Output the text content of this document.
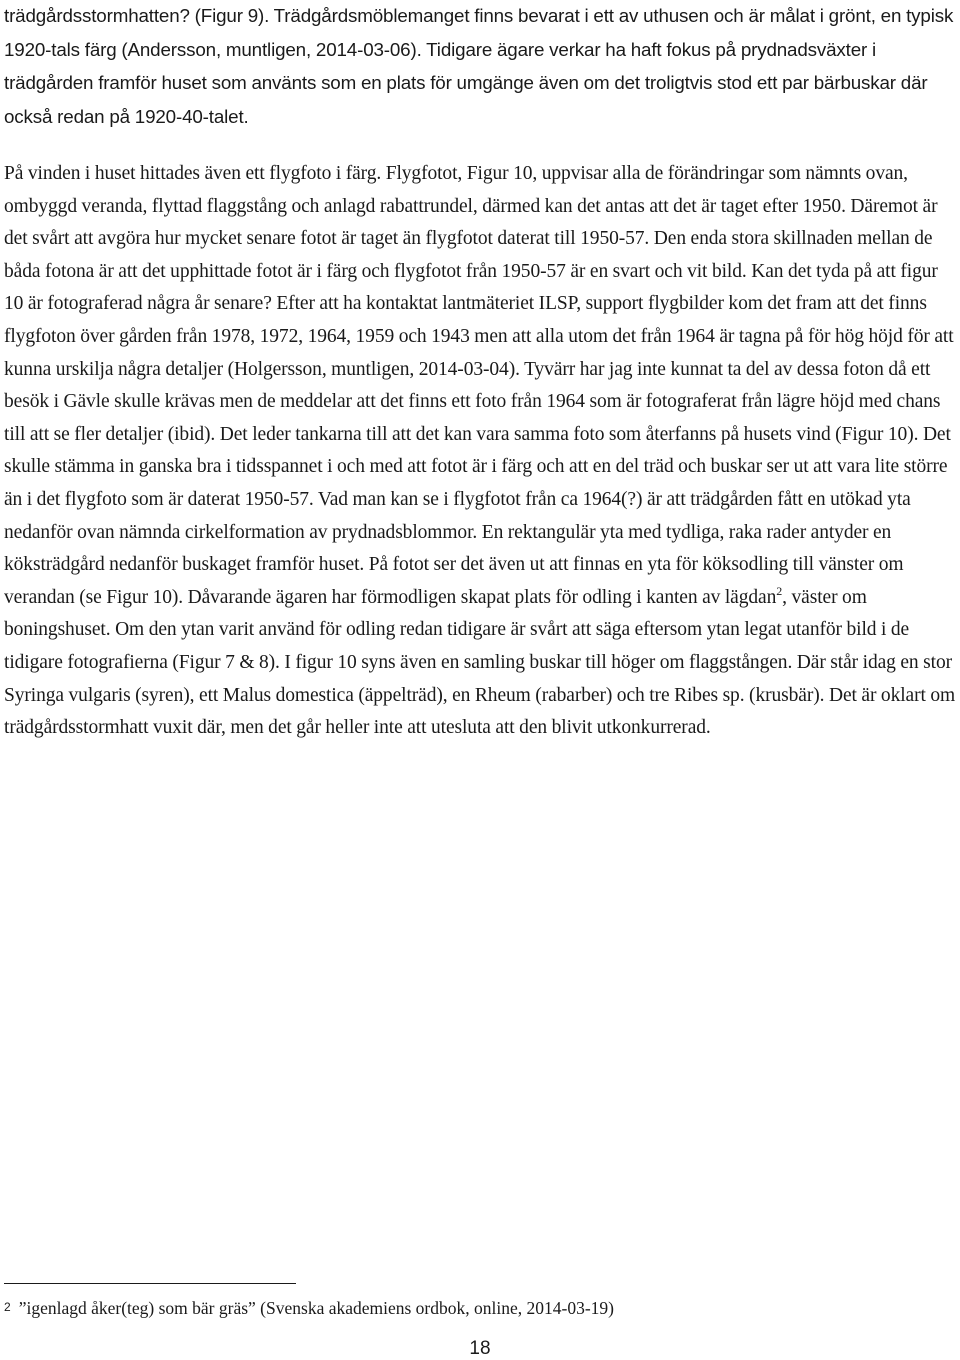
trädgårdsstormhatten? (Figur 9). Trädgårdsmöblemanget finns bevarat i ett av uthusen och är målat i grönt, en typisk 1920-tals färg (Andersson, muntligen, 2014-03-06). Tidigare ägare verkar ha haft fokus på prydnadsväxter i trädgården framför huset som använts som en plats för umgänge även om det troligtvis stod ett par bärbuskar där också redan på 1920-40-talet.

På vinden i huset hittades även ett flygfoto i färg. Flygfotot, Figur 10, uppvisar alla de förändringar som nämnts ovan, ombyggd veranda, flyttad flaggstång och anlagd rabattrundel, därmed kan det antas att det är taget efter 1950. Däremot är det svårt att avgöra hur mycket senare fotot är taget än flygfotot daterat till 1950-57. Den enda stora skillnaden mellan de båda fotona är att det upphittade fotot är i färg och flygfotot från 1950-57 är en svart och vit bild. Kan det tyda på att figur 10 är fotograferad några år senare? Efter att ha kontaktat lantmäteriet ILSP, support flygbilder kom det fram att det finns flygfoton över gården från 1978, 1972, 1964, 1959 och 1943 men att alla utom det från 1964 är tagna på för hög höjd för att kunna urskilja några detaljer (Holgersson, muntligen, 2014-03-04). Tyvärr har jag inte kunnat ta del av dessa foton då ett besök i Gävle skulle krävas men de meddelar att det finns ett foto från 1964 som är fotograferat från lägre höjd med chans till att se fler detaljer (ibid). Det leder tankarna till att det kan vara samma foto som återfanns på husets vind (Figur 10). Det skulle stämma in ganska bra i tidsspannet i och med att fotot är i färg och att en del träd och buskar ser ut att vara lite större än i det flygfoto som är daterat 1950-57. Vad man kan se i flygfotot från ca 1964(?) är att trädgården fått en utökad yta nedanför ovan nämnda cirkelformation av prydnadsblommor. En rektangulär yta med tydliga, raka rader antyder en köksträdgård nedanför buskaget framför huset. På fotot ser det även ut att finnas en yta för köksodling till vänster om verandan (se Figur 10). Dåvarande ägaren har förmodligen skapat plats för odling i kanten av lägdan$^2$, väster om boningshuset. Om den ytan varit använd för odling redan tidigare är svårt att säga eftersom ytan legat utanför bild i de tidigare fotografierna (Figur 7 & 8). I figur 10 syns även en samling buskar till höger om flaggstången. Där står idag en stor Syringa vulgaris (syren), ett Malus domestica (äppelträd), en Rheum (rabarber) och tre Ribes sp. (krusbär). Det är oklart om trädgårdsstormhatt vuxit där, men det går heller inte att utesluta att den blivit utkonkurrerad.

2 ”igenlagd åker(teg) som bär gräs” (Svenska akademiens ordbok, online, 2014-03-19)

18
